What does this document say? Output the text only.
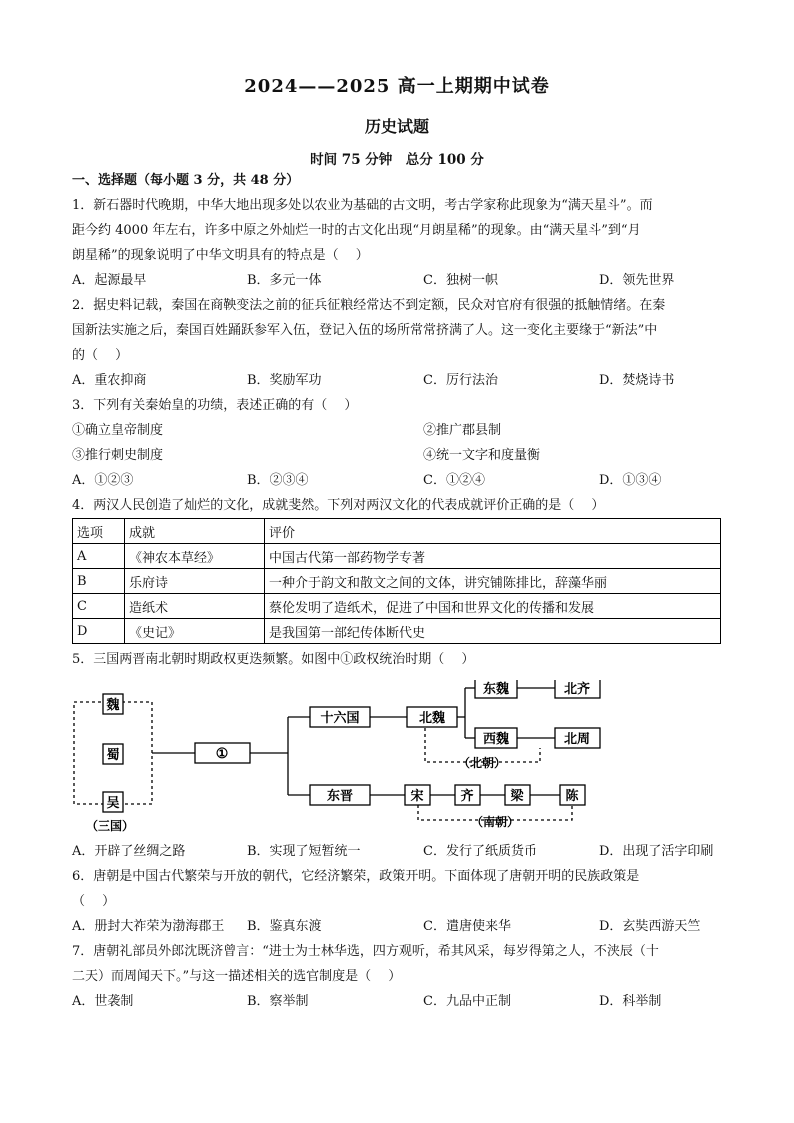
2024——2025 高一上期期中试卷
历史试题
时间 75 分钟　总分 100 分
一、选择题（每小题 3 分，共 48 分）
1．新石器时代晚期，中华大地出现多处以农业为基础的古文明，考古学家称此现象为“满天星斗”。而
距今约 4000 年左右，许多中原之外灿烂一时的古文化出现“月朗星稀”的现象。由“满天星斗”到“月
朗星稀”的现象说明了中华文明具有的特点是（　 ）
A．起源最早	B．多元一体	C．独树一帜	D．领先世界
2．据史料记载，秦国在商鞅变法之前的征兵征粮经常达不到定额，民众对官府有很强的抵触情绪。在秦
国新法实施之后，秦国百姓踊跃参军入伍，登记入伍的场所常常挤满了人。这一变化主要缘于“新法”中
的（　 ）
A．重农抑商	B．奖励军功	C．厉行法治	D．焚烧诗书
3．下列有关秦始皇的功绩，表述正确的有（　 ）
①确立皇帝制度	②推广郡县制
③推行刺史制度	④统一文字和度量衡
A．①②③	B．②③④	C．①②④	D．①③④
4．两汉人民创造了灿烂的文化，成就斐然。下列对两汉文化的代表成就评价正确的是（　 ）
选项	成就	评价
A	《神农本草经》	中国古代第一部药物学专著
B	乐府诗	一种介于韵文和散文之间的文体，讲究铺陈排比，辞藻华丽
C	造纸术	蔡伦发明了造纸术，促进了中国和世界文化的传播和发展
D	《史记》	是我国第一部纪传体断代史
5．三国两晋南北朝时期政权更迭频繁。如图中①政权统治时期（　 ）
魏
蜀
吴
（三国）
①
十六国	北魏
东魏
西魏
北齐
北周
（北朝）
东晋	宋	齐	梁	陈
（南朝）
A．开辟了丝绸之路	B．实现了短暂统一	C．发行了纸质货币	D．出现了活字印刷
6．唐朝是中国古代繁荣与开放的朝代，它经济繁荣，政策开明。下面体现了唐朝开明的民族政策是
（　 ）
A．册封大祚荣为渤海郡王 B．鉴真东渡	C．遣唐使来华	D．玄奘西游天竺
7．唐朝礼部员外郎沈既济曾言：“进士为士林华选，四方观听，希其风采，每岁得第之人，不浃辰（十
二天）而周闻天下。”与这一描述相关的选官制度是（　 ）
A．世袭制	B．察举制	C．九品中正制	D．科举制
